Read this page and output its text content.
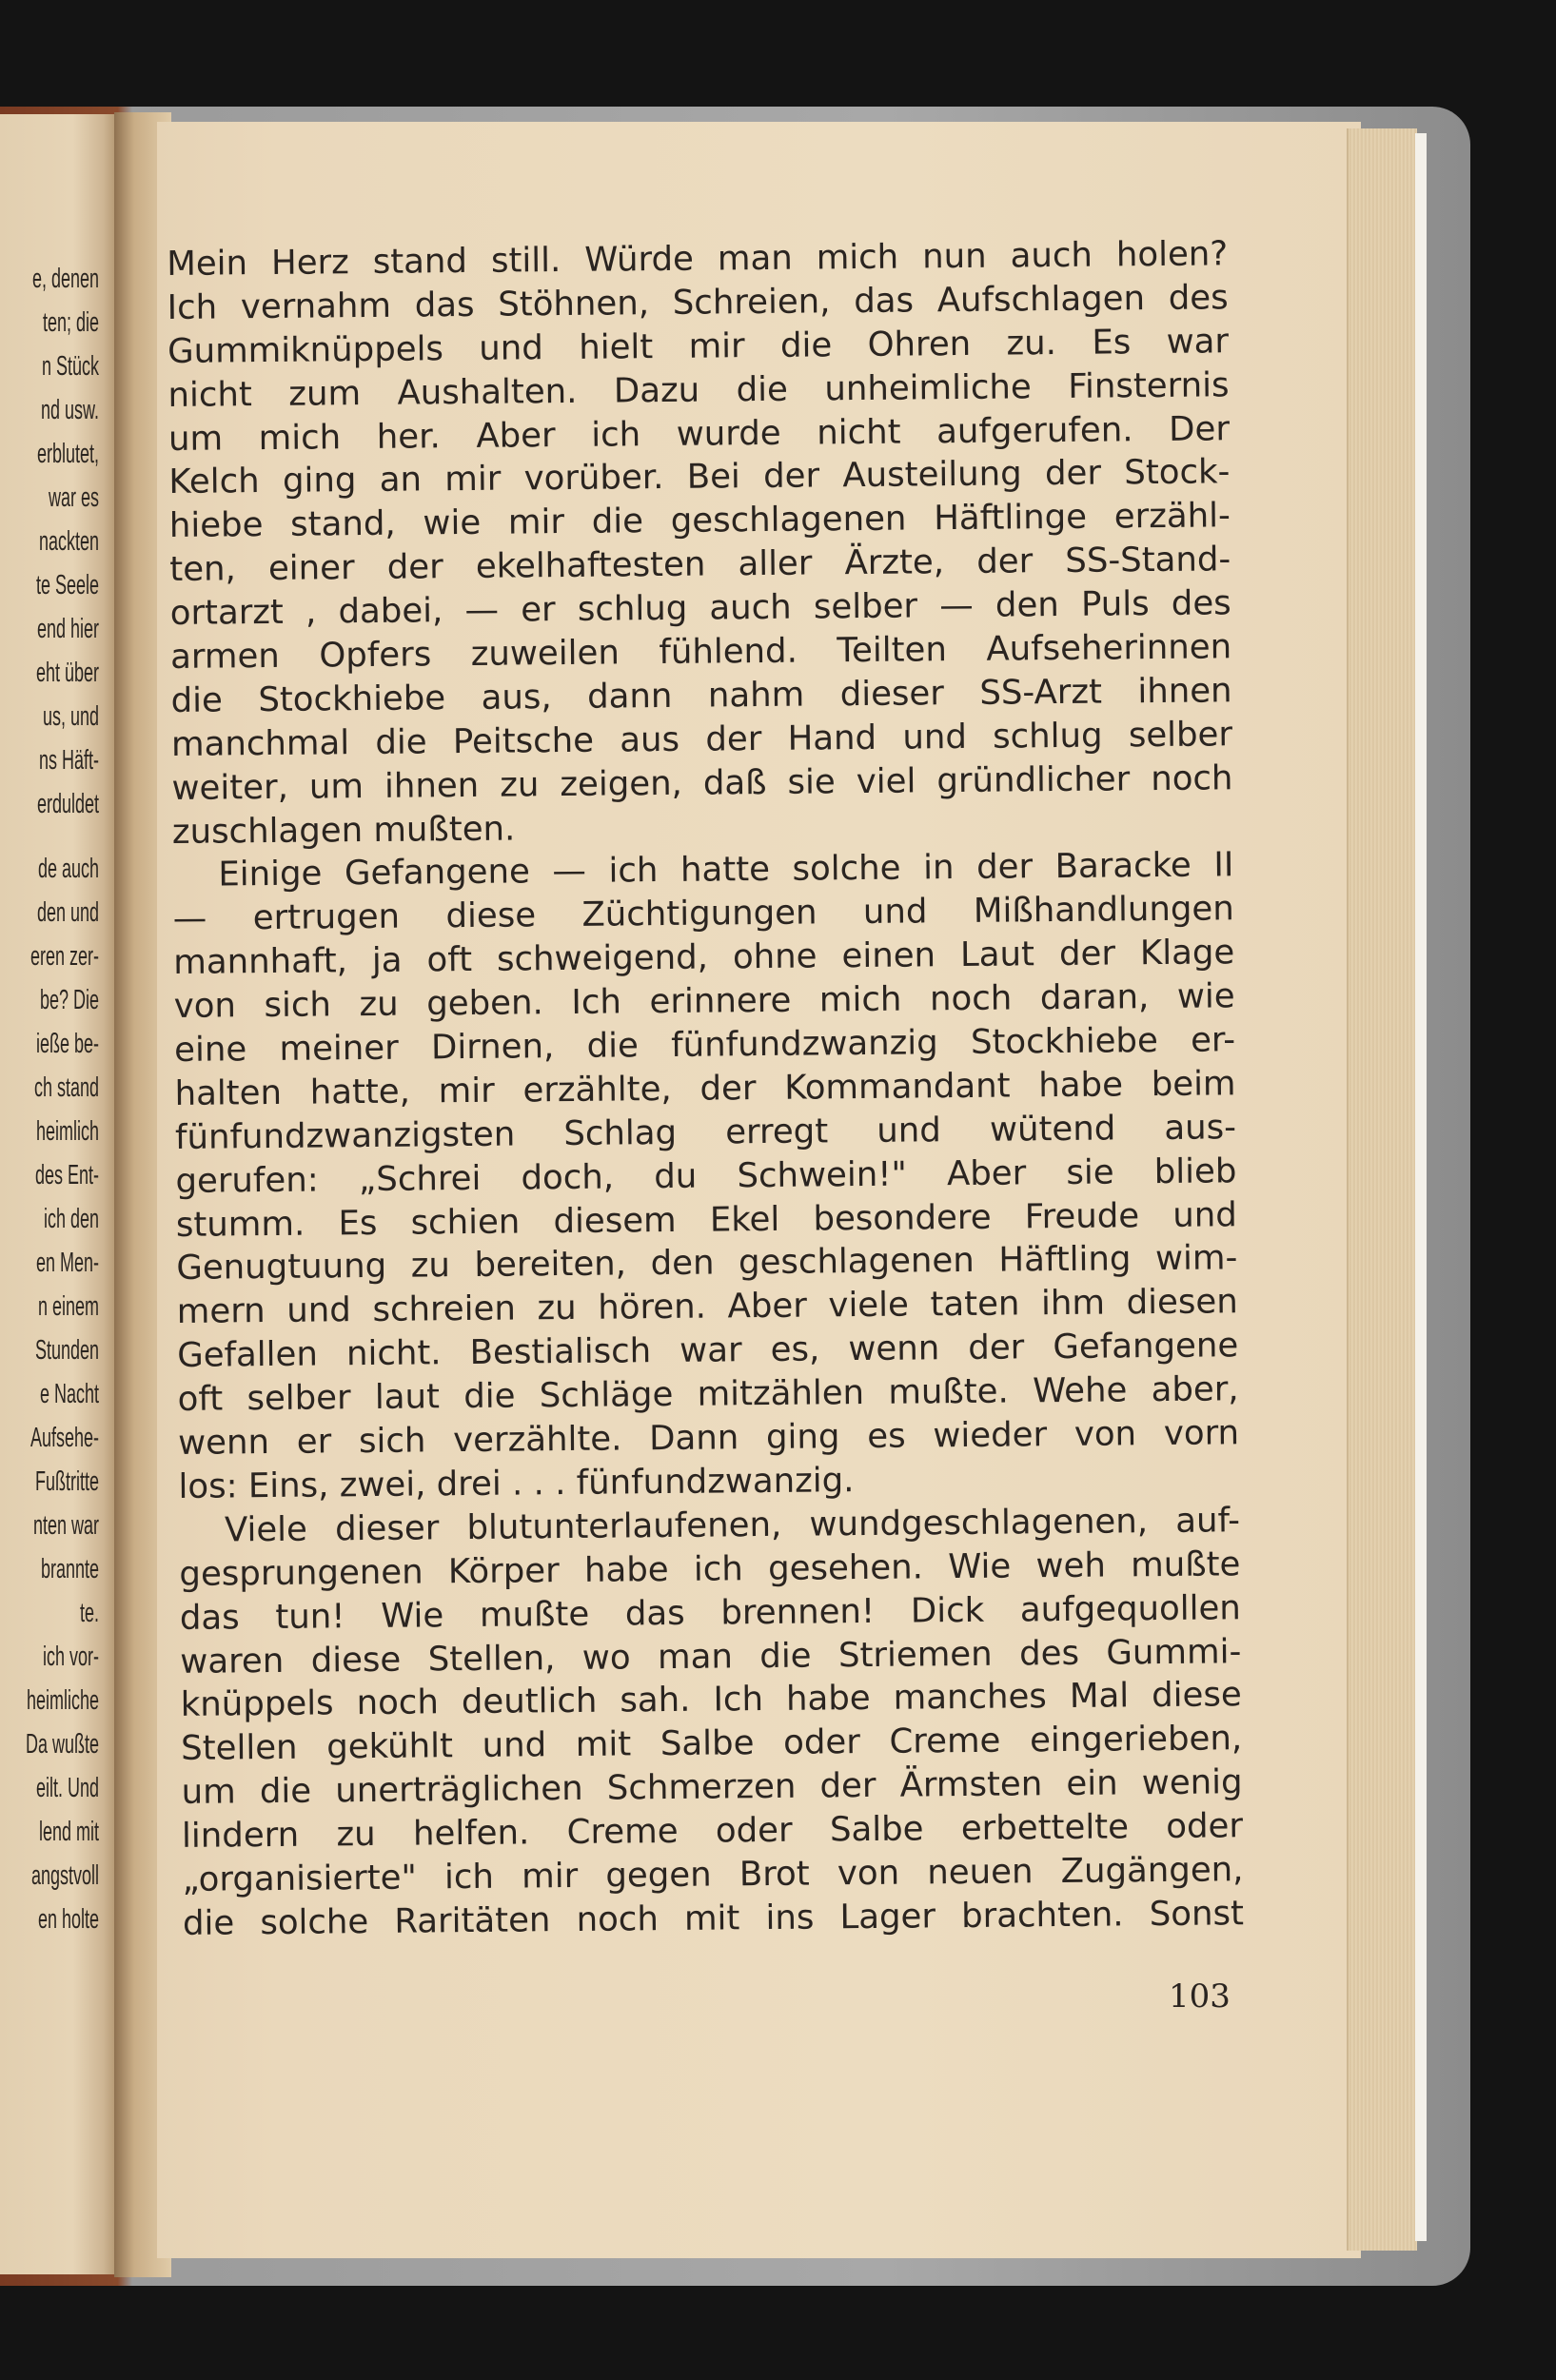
e, denen
ten; die
n Stück
nd usw.
erblutet,
war es
nackten
te Seele
end hier
eht über
us, und
ns Häft-
erduldet
de auch
den und
eren zer-
be? Die
ieße be-
ch stand
heimlich
des Ent-
ich den
en Men-
n einem
Stunden
e Nacht
Aufsehe-
Fußtritte
nten war
brannte
te.
ich vor-
heimliche
Da wußte
eilt. Und
lend mit
angstvoll
en holte
Mein Herz stand still. Würde man mich nun auch holen?
Ich vernahm das Stöhnen, Schreien, das Aufschlagen des
Gummiknüppels und hielt mir die Ohren zu. Es war
nicht zum Aushalten. Dazu die unheimliche Finsternis
um mich her. Aber ich wurde nicht aufgerufen. Der
Kelch ging an mir vorüber. Bei der Austeilung der Stock-
hiebe stand, wie mir die geschlagenen Häftlinge erzähl-
ten, einer der ekelhaftesten aller Ärzte, der SS-Stand-
ortarzt , dabei, — er schlug auch selber — den Puls des
armen Opfers zuweilen fühlend. Teilten Aufseherinnen
die Stockhiebe aus, dann nahm dieser SS-Arzt ihnen
manchmal die Peitsche aus der Hand und schlug selber
weiter, um ihnen zu zeigen, daß sie viel gründlicher noch
zuschlagen mußten.
Einige Gefangene — ich hatte solche in der Baracke II
— ertrugen diese Züchtigungen und Mißhandlungen
mannhaft, ja oft schweigend, ohne einen Laut der Klage
von sich zu geben. Ich erinnere mich noch daran, wie
eine meiner Dirnen, die fünfundzwanzig Stockhiebe er-
halten hatte, mir erzählte, der Kommandant habe beim
fünfundzwanzigsten Schlag erregt und wütend aus-
gerufen: „Schrei doch, du Schwein!" Aber sie blieb
stumm. Es schien diesem Ekel besondere Freude und
Genugtuung zu bereiten, den geschlagenen Häftling wim-
mern und schreien zu hören. Aber viele taten ihm diesen
Gefallen nicht. Bestialisch war es, wenn der Gefangene
oft selber laut die Schläge mitzählen mußte. Wehe aber,
wenn er sich verzählte. Dann ging es wieder von vorn
los: Eins, zwei, drei . . . fünfundzwanzig.
Viele dieser blutunterlaufenen, wundgeschlagenen, auf-
gesprungenen Körper habe ich gesehen. Wie weh mußte
das tun! Wie mußte das brennen! Dick aufgequollen
waren diese Stellen, wo man die Striemen des Gummi-
knüppels noch deutlich sah. Ich habe manches Mal diese
Stellen gekühlt und mit Salbe oder Creme eingerieben,
um die unerträglichen Schmerzen der Ärmsten ein wenig
lindern zu helfen. Creme oder Salbe erbettelte oder
„organisierte" ich mir gegen Brot von neuen Zugängen,
die solche Raritäten noch mit ins Lager brachten. Sonst
103
